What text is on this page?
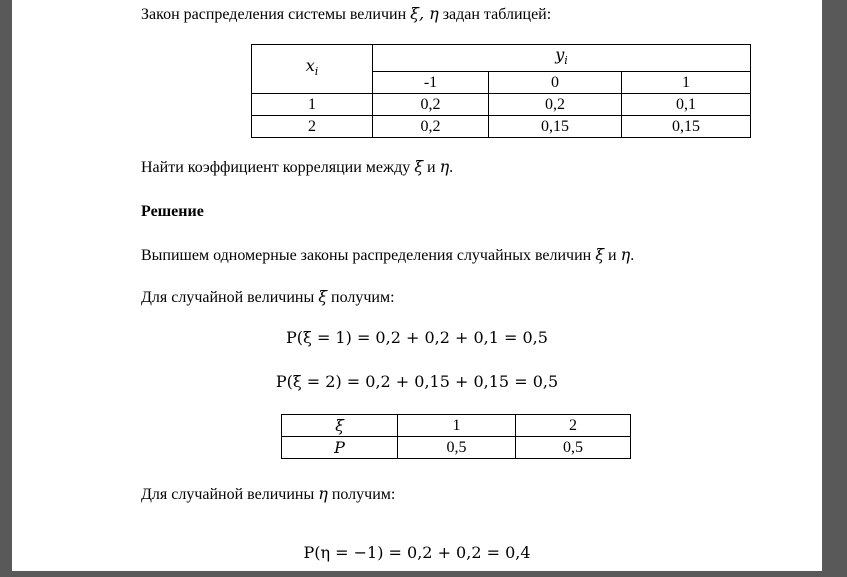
Закон распределения системы величин ξ, η задан таблицей:
$x_i$	$y_i$
	-1	0	1
1	0,2	0,2	0,1
2	0,2	0,15	0,15
Найти коэффициент корреляции между ξ и η.
Решение
Выпишем одномерные законы распределения случайных величин ξ и η.
Для случайной величины ξ получим:
P(ξ = 1) = 0,2 + 0,2 + 0,1 = 0,5
P(ξ = 2) = 0,2 + 0,15 + 0,15 = 0,5
ξ	1	2
P	0,5	0,5
Для случайной величины η получим:
P(η = −1) = 0,2 + 0,2 = 0,4
